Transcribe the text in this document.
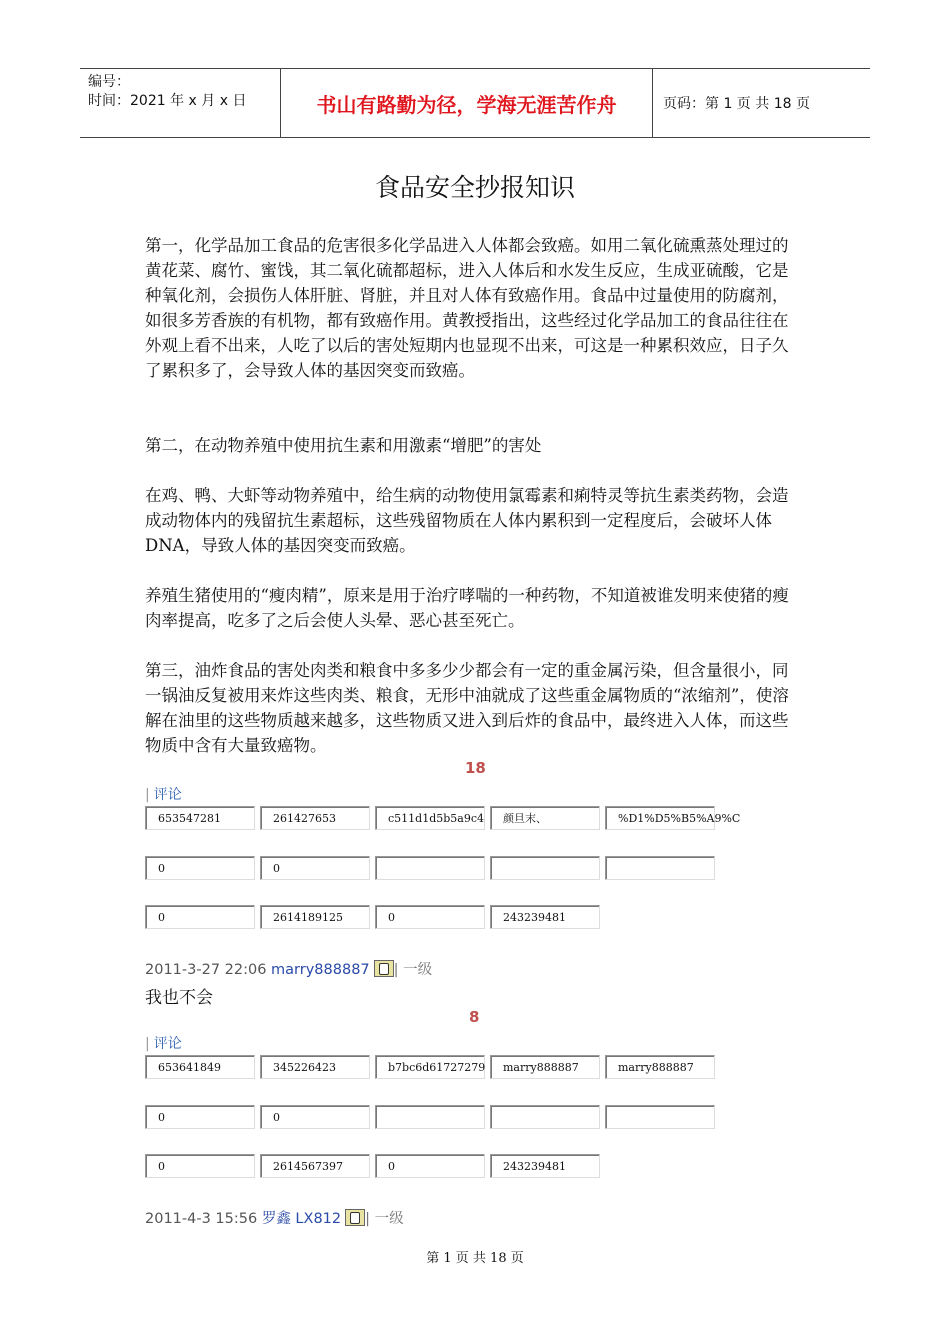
编号：
时间：2021 年 x 月 x 日	书山有路勤为径，学海无涯苦作舟	页码：第 1 页 共 18 页
食品安全抄报知识

第一，化学品加工食品的危害很多化学品进入人体都会致癌。如用二氧化硫熏蒸处理过的黄花菜、腐竹、蜜饯，其二氧化硫都超标，进入人体后和水发生反应，生成亚硫酸，它是种氧化剂，会损伤人体肝脏、肾脏，并且对人体有致癌作用。食品中过量使用的防腐剂，如很多芳香族的有机物，都有致癌作用。黄教授指出，这些经过化学品加工的食品往往在外观上看不出来，人吃了以后的害处短期内也显现不出来，可这是一种累积效应，日子久了累积多了，会导致人体的基因突变而致癌。

第二，在动物养殖中使用抗生素和用激素“增肥”的害处

在鸡、鸭、大虾等动物养殖中，给生病的动物使用氯霉素和痢特灵等抗生素类药物，会造成动物体内的残留抗生素超标，这些残留物质在人体内累积到一定程度后，会破坏人体 DNA，导致人体的基因突变而致癌。

养殖生猪使用的“瘦肉精”，原来是用于治疗哮喘的一种药物，不知道被谁发明来使猪的瘦肉率提高，吃多了之后会使人头晕、恶心甚至死亡。

第三，油炸食品的害处肉类和粮食中多多少少都会有一定的重金属污染，但含量很小，同一锅油反复被用来炸这些肉类、粮食，无形中油就成了这些重金属物质的“浓缩剂”，使溶解在油里的这些物质越来越多，这些物质又进入到后炸的食品中，最终进入人体，而这些物质中含有大量致癌物。

18
| 评论
653547281	261427653	c511d1d5b5a9c4	颜旦末、	%D1%D5%B5%A9%C
0	0
0	2614189125	0	243239481
2011-3-27 22:06 marry888887 | 一级
我也不会
8
| 评论
653641849	345226423	b7bc6d61727279	marry888887	marry888887
0	0
0	2614567397	0	243239481
2011-4-3 15:56 罗鑫 LX812 | 一级
第 1 页 共 18 页
